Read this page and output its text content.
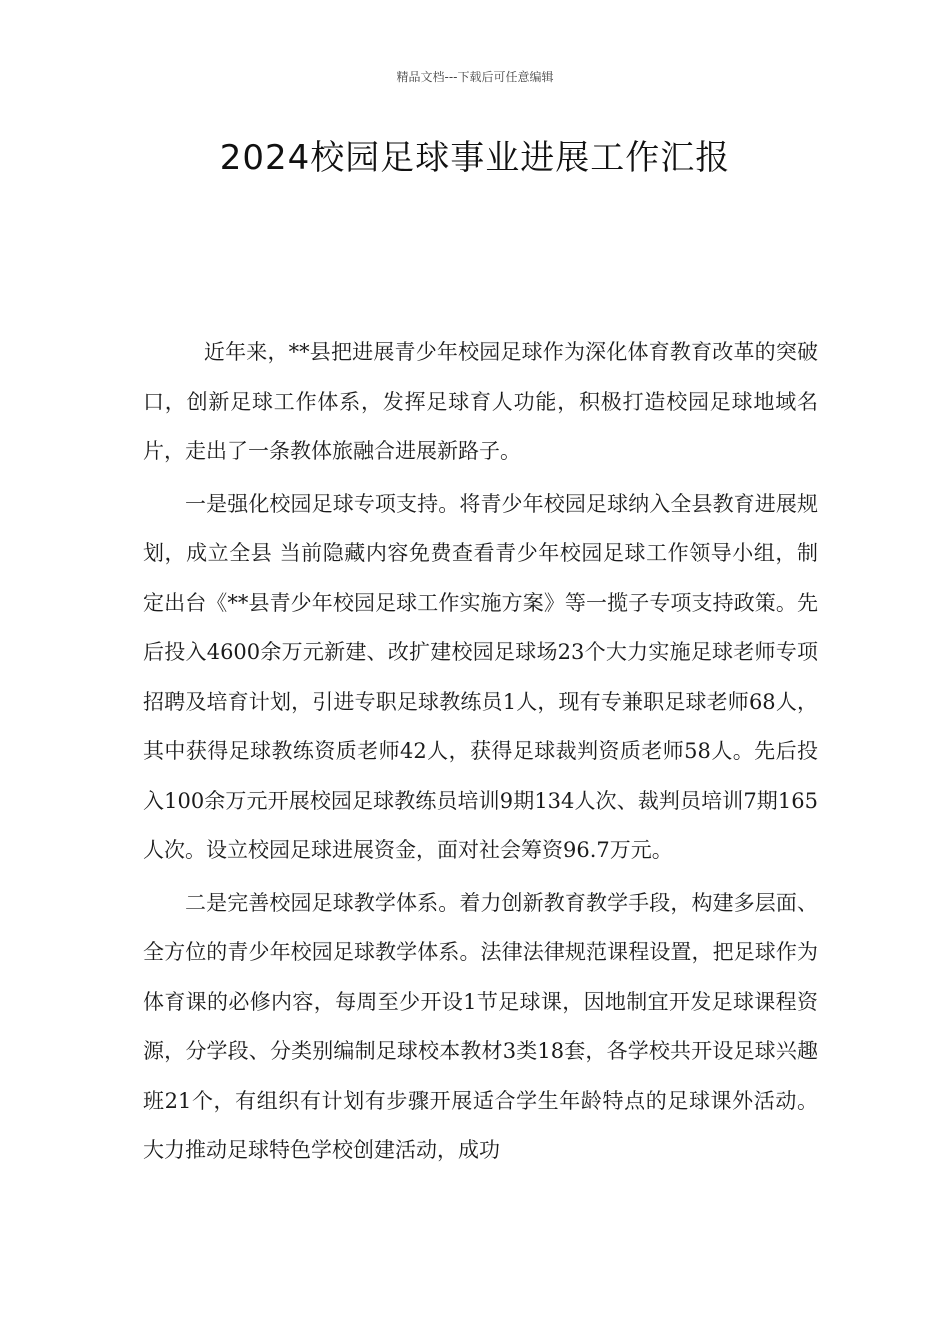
精品文档---下载后可任意编辑
2024校园足球事业进展工作汇报

近年来，**县把进展青少年校园足球作为深化体育教育改革的突破口，创新足球工作体系，发挥足球育人功能，积极打造校园足球地域名片，走出了一条教体旅融合进展新路子。

一是强化校园足球专项支持。将青少年校园足球纳入全县教育进展规划，成立全县 当前隐藏内容免费查看青少年校园足球工作领导小组，制定出台《**县青少年校园足球工作实施方案》等一揽子专项支持政策。先后投入4600余万元新建、改扩建校园足球场23个大力实施足球老师专项招聘及培育计划，引进专职足球教练员1人，现有专兼职足球老师68人，其中获得足球教练资质老师42人，获得足球裁判资质老师58人。先后投入100余万元开展校园足球教练员培训9期134人次、裁判员培训7期165人次。设立校园足球进展资金，面对社会筹资96.7万元。

二是完善校园足球教学体系。着力创新教育教学手段，构建多层面、全方位的青少年校园足球教学体系。法律法律规范课程设置，把足球作为体育课的必修内容，每周至少开设1节足球课，因地制宜开发足球课程资源，分学段、分类别编制足球校本教材3类18套，各学校共开设足球兴趣班21个，有组织有计划有步骤开展适合学生年龄特点的足球课外活动。大力推动足球特色学校创建活动，成功
